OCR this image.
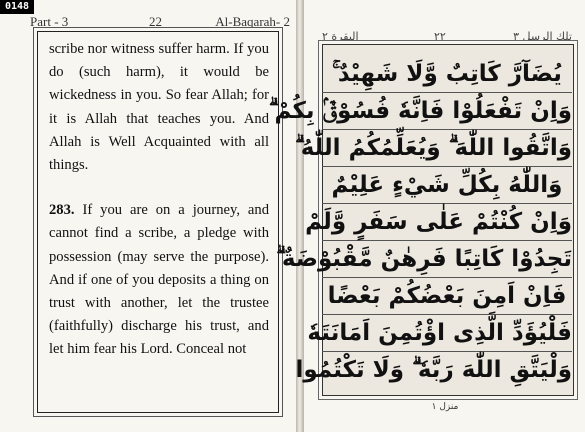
0148
Part - 3	22	Al-Baqarah- 2

scribe nor witness suffer harm. If you do (such harm), it would be wickedness in you. So fear Allah; for it is Allah that teaches you. And Allah is Well Acquainted with all things.

283. If you are on a journey, and cannot find a scribe, a pledge with possession (may serve the purpose). And if one of you deposits a thing on trust with another, let the trustee (faithfully) discharge his trust, and let him fear his Lord. Conceal not

تلك الرسل ٣
٢٢
البقرة ٢
يُضَآرَّ كَاتِبٌ وَّلَا شَهِيْدٌ ۚ
وَاِنْ تَفْعَلُوْا فَاِنَّهٗ فُسُوْقٌۢ بِكُمْ ۗ
وَاتَّقُوا اللّٰهَ ۗ وَيُعَلِّمُكُمُ اللّٰهُ ۗ
وَاللّٰهُ بِكُلِّ شَيْءٍ عَلِيْمٌ
وَاِنْ كُنْتُمْ عَلٰى سَفَرٍ وَّلَمْ
تَجِدُوْا كَاتِبًا فَرِهٰنٌ مَّقْبُوْضَةٌ ۗ
فَاِنْ اَمِنَ بَعْضُكُمْ بَعْضًا
فَلْيُؤَدِّ الَّذِى اؤْتُمِنَ اَمَانَتَهٗ
وَلْيَتَّقِ اللّٰهَ رَبَّهٗ ۗ وَلَا تَكْتُمُوا
منزل ١
